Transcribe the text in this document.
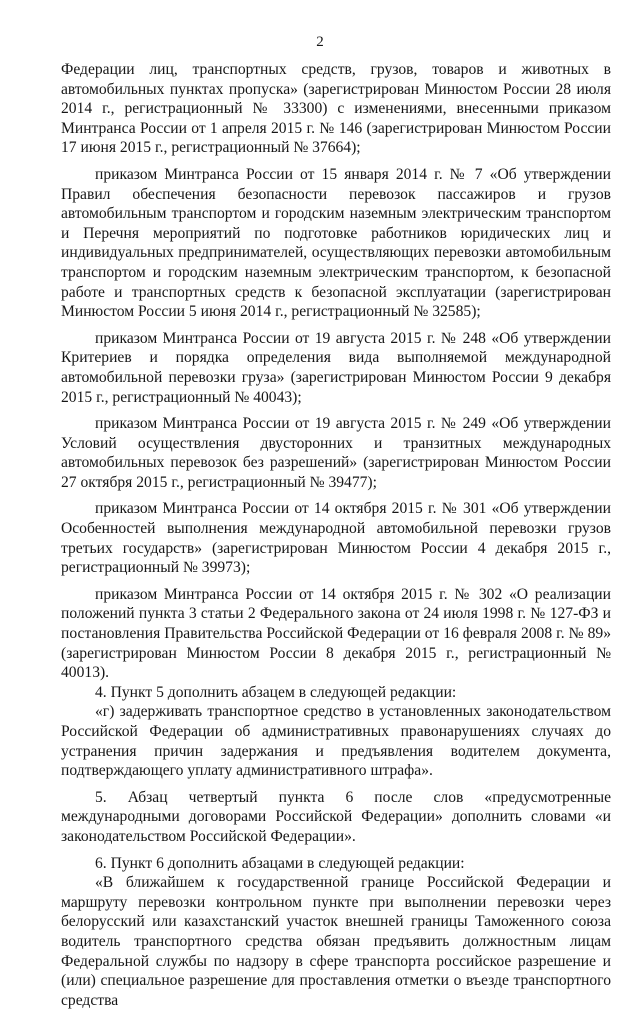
2

Федерации лиц, транспортных средств, грузов, товаров и животных в автомобильных пунктах пропуска» (зарегистрирован Минюстом России 28 июля 2014 г., регистрационный № 33300) с изменениями, внесенными приказом Минтранса России от 1 апреля 2015 г. № 146 (зарегистрирован Минюстом России 17 июня 2015 г., регистрационный № 37664);

приказом Минтранса России от 15 января 2014 г. № 7 «Об утверждении Правил обеспечения безопасности перевозок пассажиров и грузов автомобильным транспортом и городским наземным электрическим транспортом и Перечня мероприятий по подготовке работников юридических лиц и индивидуальных предпринимателей, осуществляющих перевозки автомобильным транспортом и городским наземным электрическим транспортом, к безопасной работе и транспортных средств к безопасной эксплуатации (зарегистрирован Минюстом России 5 июня 2014 г., регистрационный № 32585);

приказом Минтранса России от 19 августа 2015 г. № 248 «Об утверждении Критериев и порядка определения вида выполняемой международной автомобильной перевозки груза» (зарегистрирован Минюстом России 9 декабря 2015 г., регистрационный № 40043);

приказом Минтранса России от 19 августа 2015 г. № 249 «Об утверждении Условий осуществления двусторонних и транзитных международных автомобильных перевозок без разрешений» (зарегистрирован Минюстом России 27 октября 2015 г., регистрационный № 39477);

приказом Минтранса России от 14 октября 2015 г. № 301 «Об утверждении Особенностей выполнения международной автомобильной перевозки грузов третьих государств» (зарегистрирован Минюстом России 4 декабря 2015 г., регистрационный № 39973);

приказом Минтранса России от 14 октября 2015 г. № 302 «О реализации положений пункта 3 статьи 2 Федерального закона от 24 июля 1998 г. № 127-ФЗ и постановления Правительства Российской Федерации от 16 февраля 2008 г. № 89» (зарегистрирован Минюстом России 8 декабря 2015 г., регистрационный № 40013).

4. Пункт 5 дополнить абзацем в следующей редакции:

«г) задерживать транспортное средство в установленных законодательством Российской Федерации об административных правонарушениях случаях до устранения причин задержания и предъявления водителем документа, подтверждающего уплату административного штрафа».

5. Абзац четвертый пункта 6 после слов «предусмотренные международными договорами Российской Федерации» дополнить словами «и законодательством Российской Федерации».

6. Пункт 6 дополнить абзацами в следующей редакции:

«В ближайшем к государственной границе Российской Федерации и маршруту перевозки контрольном пункте при выполнении перевозки через белорусский или казахстанский участок внешней границы Таможенного союза водитель транспортного средства обязан предъявить должностным лицам Федеральной службы по надзору в сфере транспорта российское разрешение и (или) специальное разрешение для проставления отметки о въезде транспортного средства
